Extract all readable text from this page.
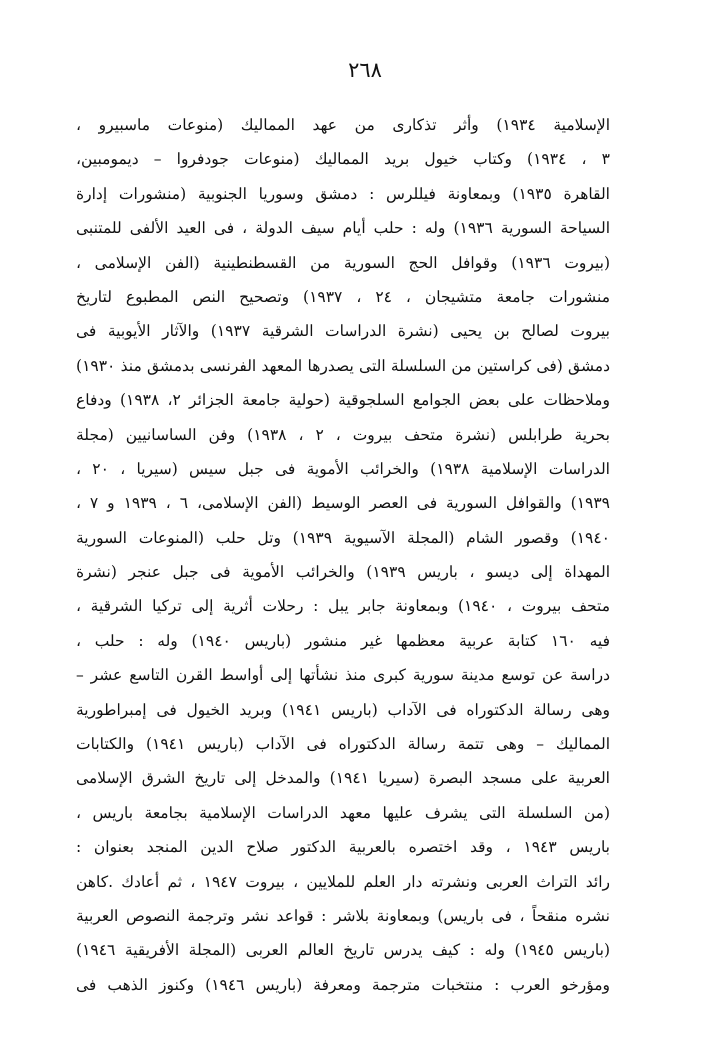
٢٦٨
الإسلامية ١٩٣٤) وأثر تذكارى من عهد المماليك (منوعات ماسبيرو ،
٣ ، ١٩٣٤) وكتاب خيول بريد المماليك (منوعات جودفروا – ديمومبين،
القاهرة ١٩٣٥) وبمعاونة فيللرس : دمشق وسوريا الجنوبية (منشورات إدارة
السياحة السورية ١٩٣٦) وله : حلب أيام سيف الدولة ، فى العيد الألفى للمتنبى
(بيروت ١٩٣٦) وقوافل الحج السورية من القسطنطينية (الفن الإسلامى ،
منشورات جامعة متشيجان ، ٢٤ ، ١٩٣٧) وتصحيح النص المطبوع لتاريخ
بيروت لصالح بن يحيى (نشرة الدراسات الشرقية ١٩٣٧) والآثار الأيوبية فى
دمشق (فى كراستين من السلسلة التى يصدرها المعهد الفرنسى بدمشق منذ ١٩٣٠)
وملاحظات على بعض الجوامع السلجوقية (حولية جامعة الجزائر ٢، ١٩٣٨) ودفاع
بحرية طرابلس (نشرة متحف بيروت ، ٢ ، ١٩٣٨) وفن الساسانيين (مجلة
الدراسات الإسلامية ١٩٣٨) والخرائب الأموية فى جبل سيس (سيريا ، ٢٠ ،
١٩٣٩) والقوافل السورية فى العصر الوسيط (الفن الإسلامى، ٦ ، ١٩٣٩ و ٧ ،
١٩٤٠) وقصور الشام (المجلة الآسيوية ١٩٣٩) وتل حلب (المنوعات السورية
المهداة إلى ديسو ، باريس ١٩٣٩) والخرائب الأموية فى جبل عنجر (نشرة
متحف بيروت ، ١٩٤٠) وبمعاونة جابر يبل : رحلات أثرية إلى تركيا الشرقية ،
فيه ١٦٠ كتابة عربية معظمها غير منشور (باريس ١٩٤٠) وله : حلب ،
دراسة عن توسع مدينة سورية كبرى منذ نشأتها إلى أواسط القرن التاسع عشر –
وهى رسالة الدكتوراه فى الآداب (باريس ١٩٤١) وبريد الخيول فى إمبراطورية
المماليك – وهى تتمة رسالة الدكتوراه فى الآداب (باريس ١٩٤١) والكتابات
العربية على مسجد البصرة (سيريا ١٩٤١) والمدخل إلى تاريخ الشرق الإسلامى
(من السلسلة التى يشرف عليها معهد الدراسات الإسلامية بجامعة باريس ،
باريس ١٩٤٣ ، وقد اختصره بالعربية الدكتور صلاح الدين المنجد بعنوان :
رائد التراث العربى ونشرته دار العلم للملايين ، بيروت ١٩٤٧ ، ثم أعادك .كاهن
نشره منقحاً ، فى باريس) وبمعاونة بلاشر : قواعد نشر وترجمة النصوص العربية
(باريس ١٩٤٥) وله : كيف يدرس تاريخ العالم العربى (المجلة الأفريقية ١٩٤٦)
ومؤرخو العرب : منتخبات مترجمة ومعرفة (باريس ١٩٤٦) وكنوز الذهب فى
